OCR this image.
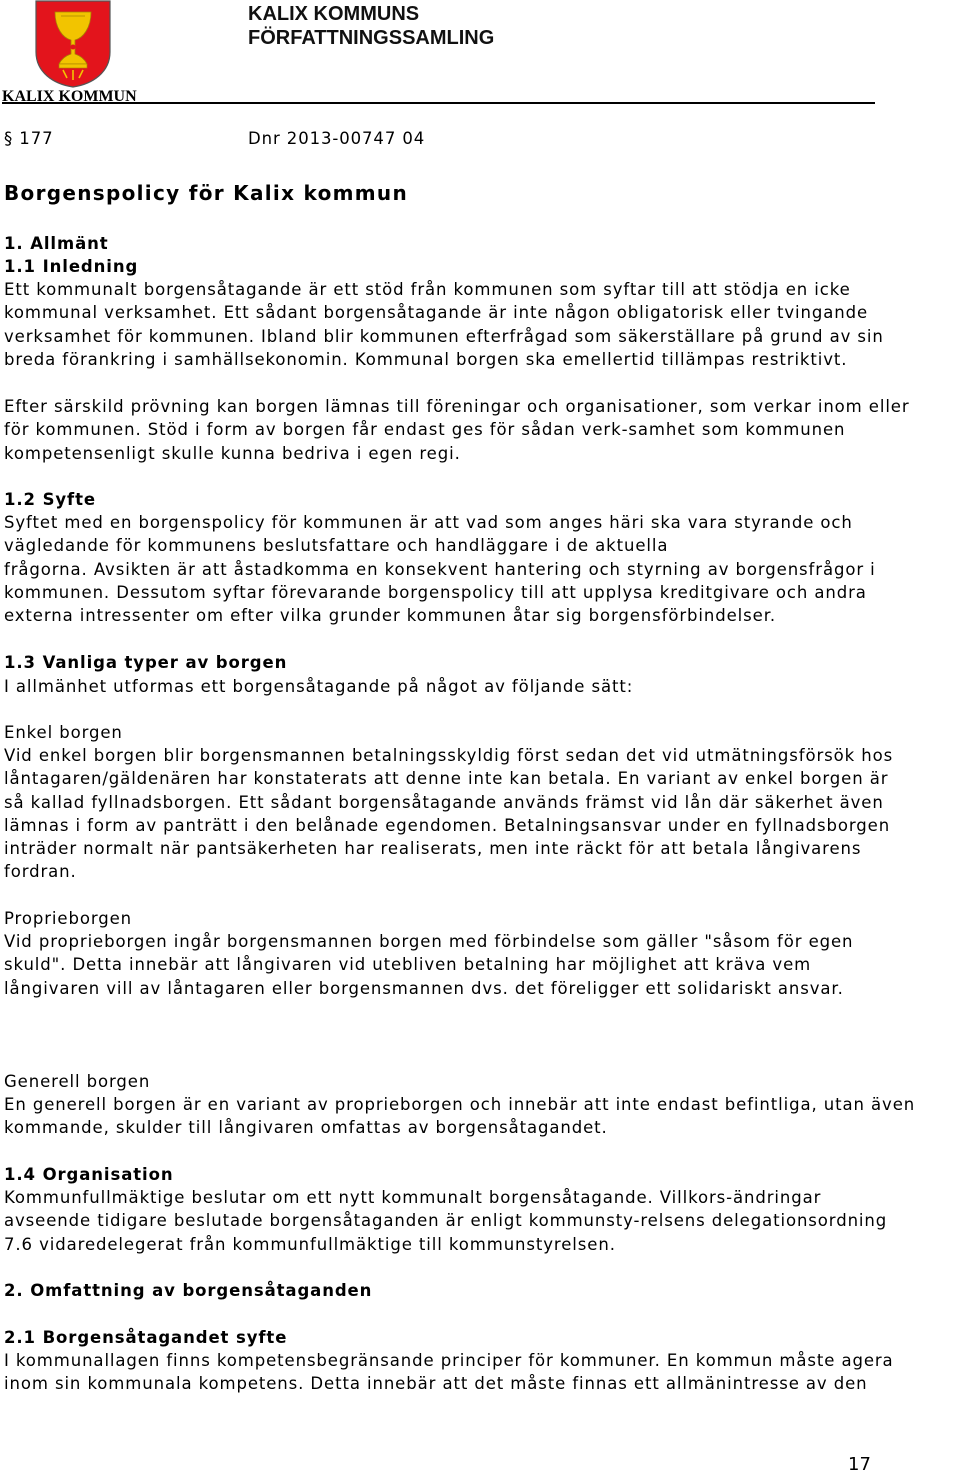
KALIX KOMMUNS
FÖRFATTNINGSSAMLING
KALIX KOMMUN
§ 177	Dnr 2013-00747 04
Borgenspolicy för Kalix kommun
1. Allmänt
1.1 Inledning
Ett kommunalt borgensåtagande är ett stöd från kommunen som syftar till att stödja en icke
kommunal verksamhet. Ett sådant borgensåtagande är inte någon obligatorisk eller tvingande
verksamhet för kommunen. Ibland blir kommunen efterfrågad som säkerställare på grund av sin
breda förankring i samhällsekonomin. Kommunal borgen ska emellertid tillämpas restriktivt.
Efter särskild prövning kan borgen lämnas till föreningar och organisationer, som verkar inom eller
för kommunen. Stöd i form av borgen får endast ges för sådan verk-samhet som kommunen
kompetensenligt skulle kunna bedriva i egen regi.
1.2 Syfte
Syftet med en borgenspolicy för kommunen är att vad som anges häri ska vara styrande och
vägledande för kommunens beslutsfattare och handläggare i de aktuella
frågorna. Avsikten är att åstadkomma en konsekvent hantering och styrning av borgensfrågor i
kommunen. Dessutom syftar förevarande borgenspolicy till att upplysa kreditgivare och andra
externa intressenter om efter vilka grunder kommunen åtar sig borgensförbindelser.
1.3 Vanliga typer av borgen
I allmänhet utformas ett borgensåtagande på något av följande sätt:
Enkel borgen
Vid enkel borgen blir borgensmannen betalningsskyldig först sedan det vid utmätningsförsök hos
låntagaren/gäldenären har konstaterats att denne inte kan betala. En variant av enkel borgen är
så kallad fyllnadsborgen. Ett sådant borgensåtagande används främst vid lån där säkerhet även
lämnas i form av panträtt i den belånade egendomen. Betalningsansvar under en fyllnadsborgen
inträder normalt när pantsäkerheten har realiserats, men inte räckt för att betala långivarens
fordran.
Proprieborgen
Vid proprieborgen ingår borgensmannen borgen med förbindelse som gäller "såsom för egen
skuld". Detta innebär att långivaren vid utebliven betalning har möjlighet att kräva vem
långivaren vill av låntagaren eller borgensmannen dvs. det föreligger ett solidariskt ansvar.
Generell borgen
En generell borgen är en variant av proprieborgen och innebär att inte endast befintliga, utan även
kommande, skulder till långivaren omfattas av borgensåtagandet.
1.4 Organisation
Kommunfullmäktige beslutar om ett nytt kommunalt borgensåtagande. Villkors-ändringar
avseende tidigare beslutade borgensåtaganden är enligt kommunsty-relsens delegationsordning
7.6 vidaredelegerat från kommunfullmäktige till kommunstyrelsen.
2. Omfattning av borgensåtaganden
2.1 Borgensåtagandet syfte
I kommunallagen finns kompetensbegränsande principer för kommuner. En kommun måste agera
inom sin kommunala kompetens. Detta innebär att det måste finnas ett allmänintresse av den
17
